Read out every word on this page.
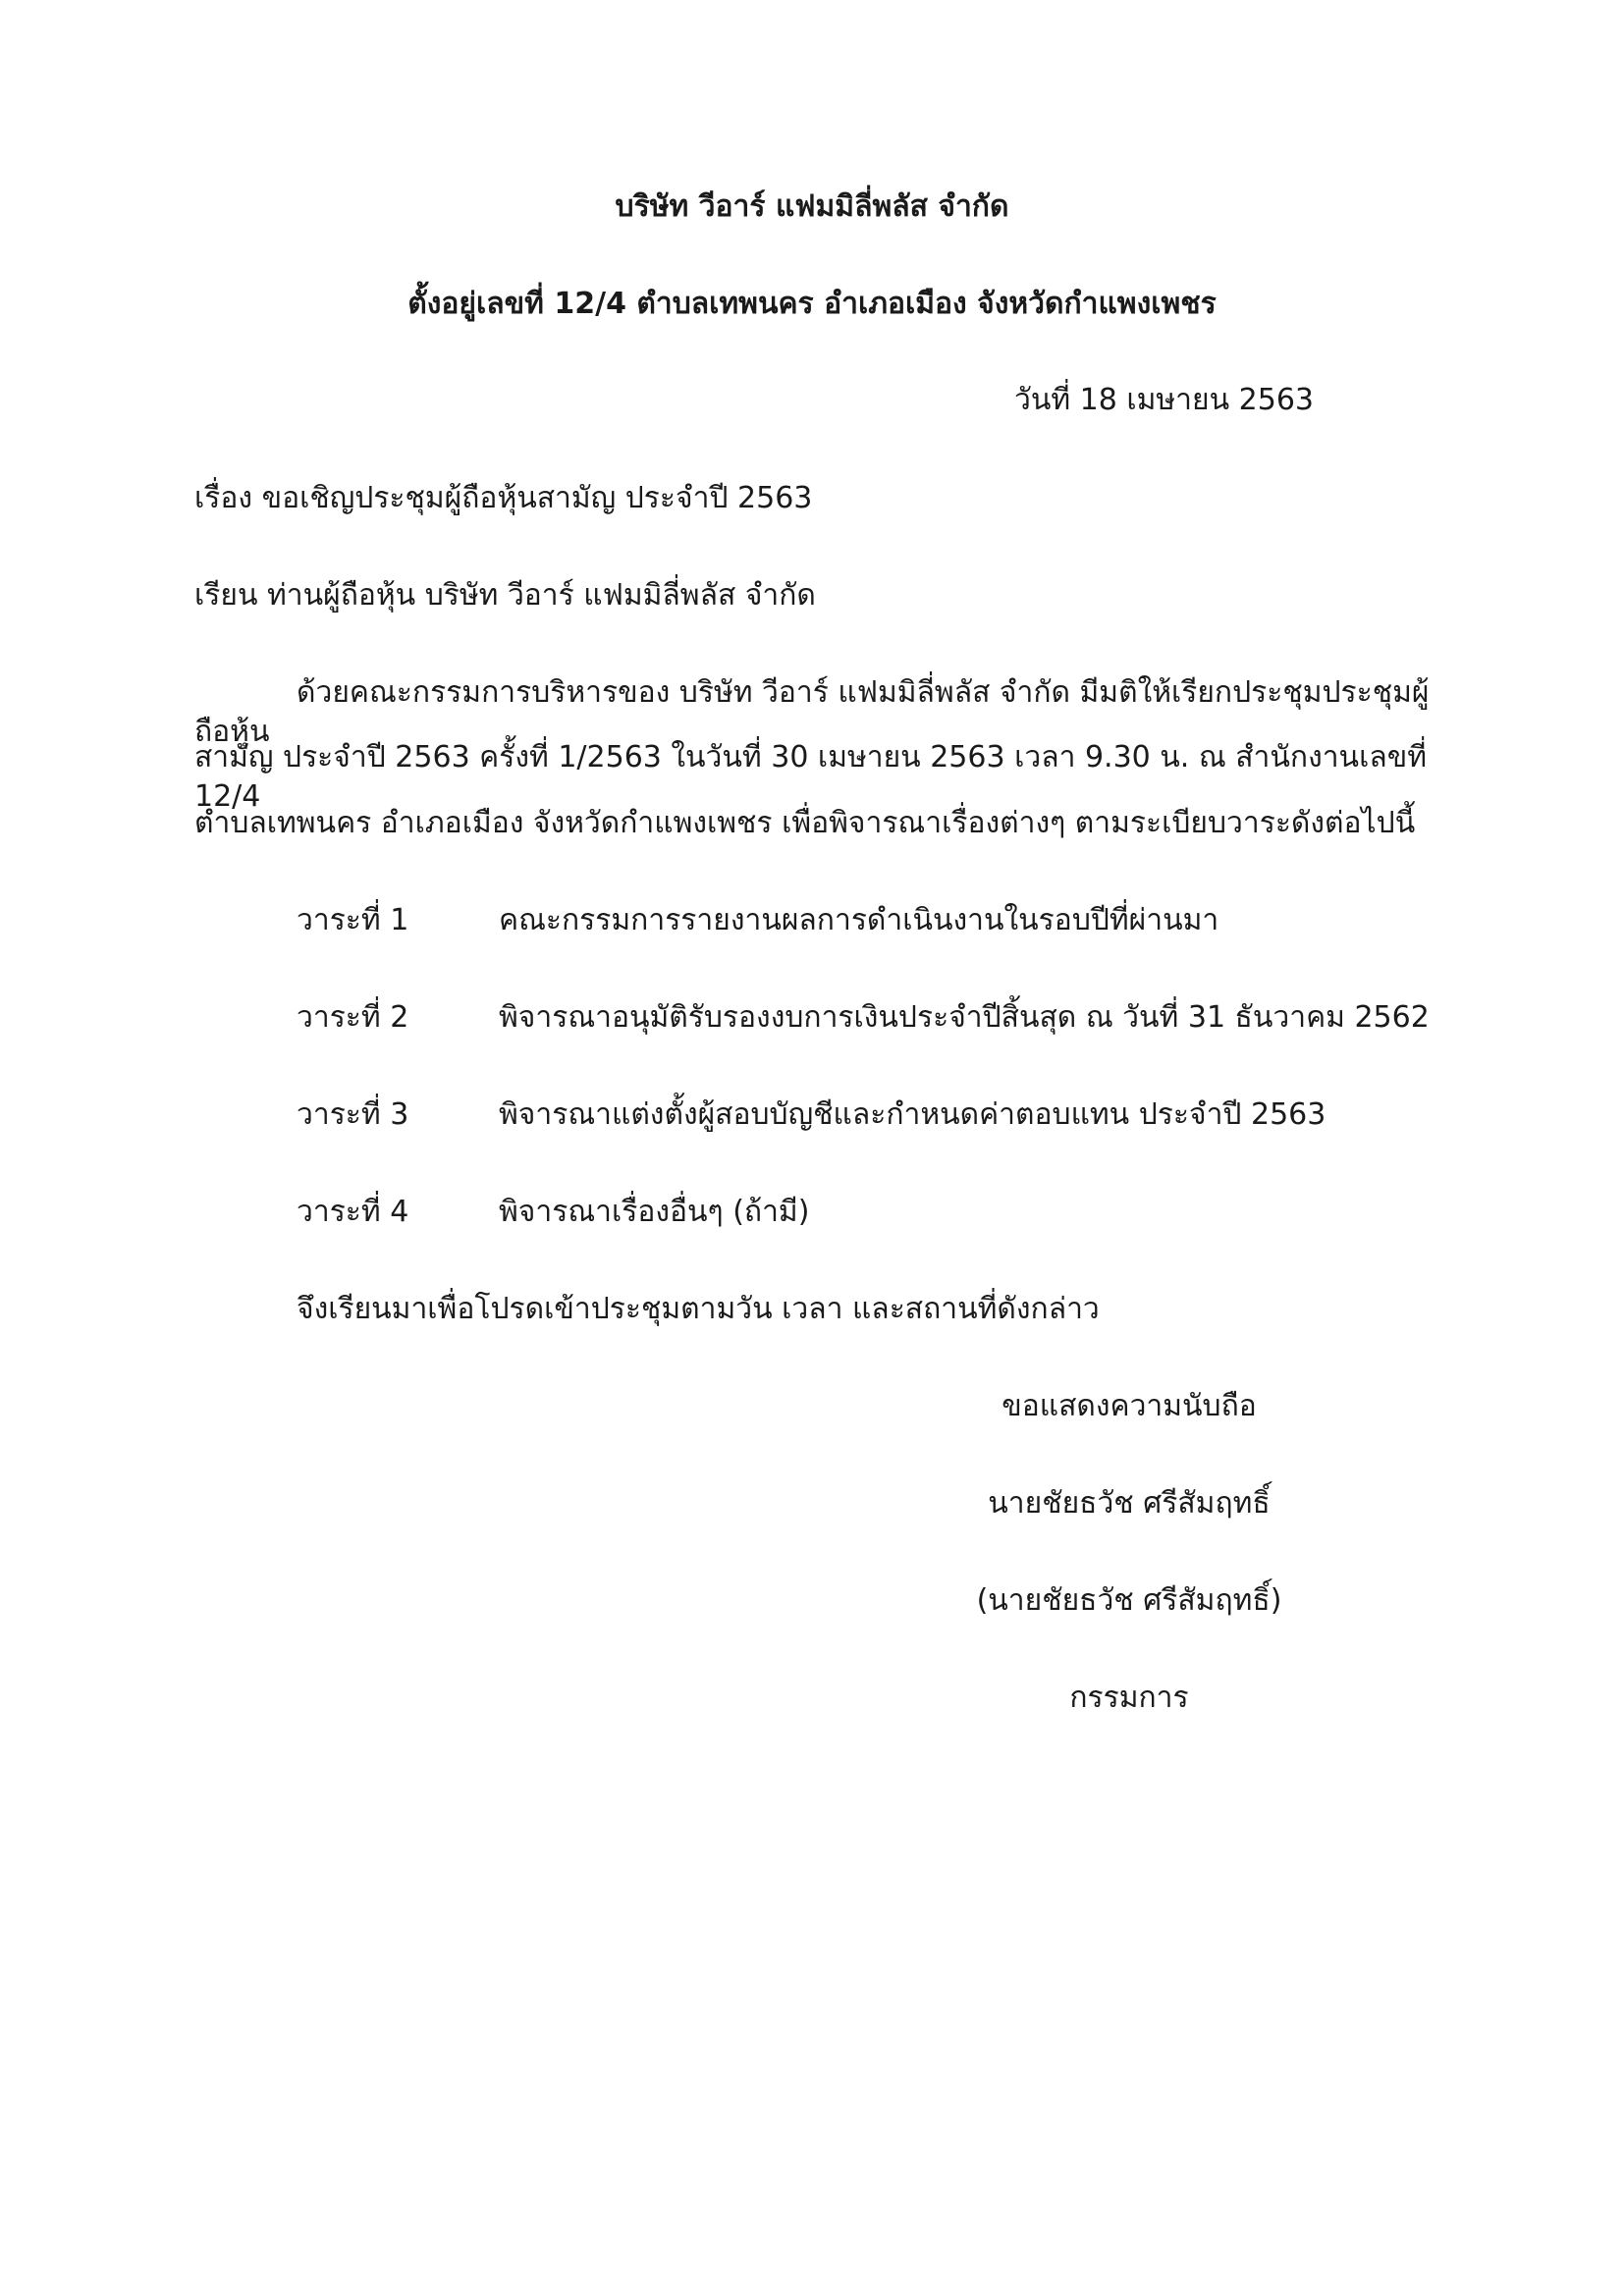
บริษัท วีอาร์ แฟมมิลี่พลัส จำกัด
ตั้งอยู่เลขที่ 12/4 ตำบลเทพนคร อำเภอเมือง จังหวัดกำแพงเพชร
วันที่ 18 เมษายน 2563
เรื่อง ขอเชิญประชุมผู้ถือหุ้นสามัญ ประจำปี 2563
เรียน ท่านผู้ถือหุ้น บริษัท วีอาร์ แฟมมิลี่พลัส จำกัด
ด้วยคณะกรรมการบริหารของ บริษัท วีอาร์ แฟมมิลี่พลัส จำกัด มีมติให้เรียกประชุมประชุมผู้ถือหุ้น
สามัญ ประจำปี 2563 ครั้งที่ 1/2563 ในวันที่ 30 เมษายน 2563 เวลา 9.30 น. ณ สำนักงานเลขที่ 12/4
ตำบลเทพนคร อำเภอเมือง จังหวัดกำแพงเพชร เพื่อพิจารณาเรื่องต่างๆ ตามระเบียบวาระดังต่อไปนี้
วาระที่ 1	คณะกรรมการรายงานผลการดำเนินงานในรอบปีที่ผ่านมา
วาระที่ 2	พิจารณาอนุมัติรับรองงบการเงินประจำปีสิ้นสุด ณ วันที่ 31 ธันวาคม 2562
วาระที่ 3	พิจารณาแต่งตั้งผู้สอบบัญชีและกำหนดค่าตอบแทน ประจำปี 2563
วาระที่ 4	พิจารณาเรื่องอื่นๆ (ถ้ามี)
จึงเรียนมาเพื่อโปรดเข้าประชุมตามวัน เวลา และสถานที่ดังกล่าว
ขอแสดงความนับถือ
นายชัยธวัช ศรีสัมฤทธิ์
(นายชัยธวัช ศรีสัมฤทธิ์)
กรรมการ
